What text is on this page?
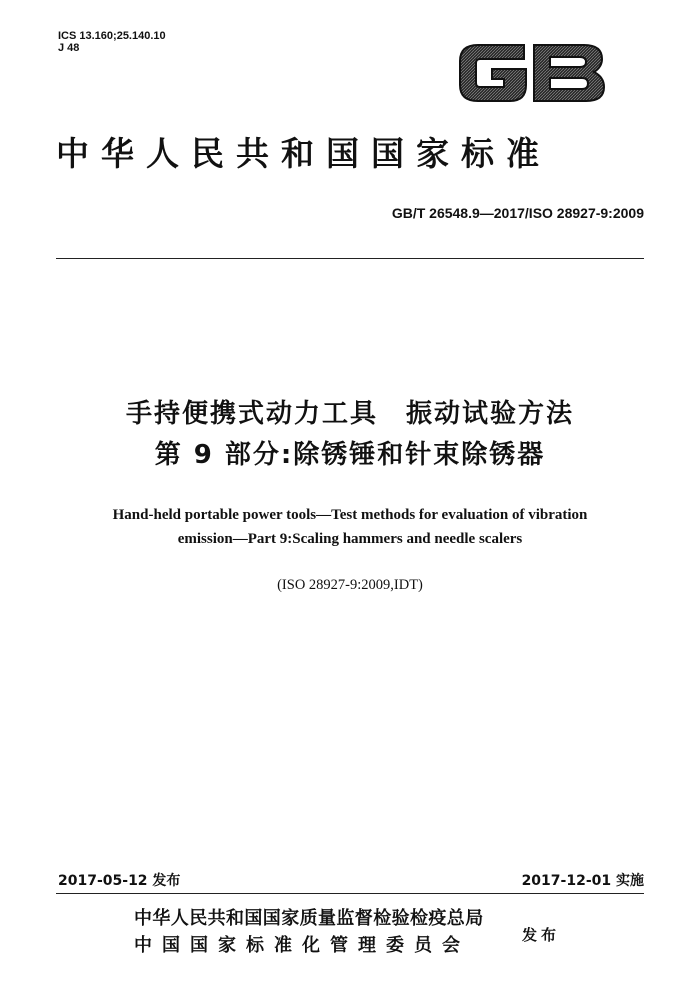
ICS 13.160;25.140.10
J 48
中华人民共和国国家标准
GB/T 26548.9—2017/ISO 28927-9:2009
手持便携式动力工具　振动试验方法
第 9 部分:除锈锤和针束除锈器
Hand-held portable power tools—Test methods for evaluation of vibration
emission—Part 9:Scaling hammers and needle scalers
(ISO 28927-9:2009,IDT)
2017-05-12 发布	2017-12-01 实施
中华人民共和国国家质量监督检验检疫总局
中国国家标准化管理委员会	发布
